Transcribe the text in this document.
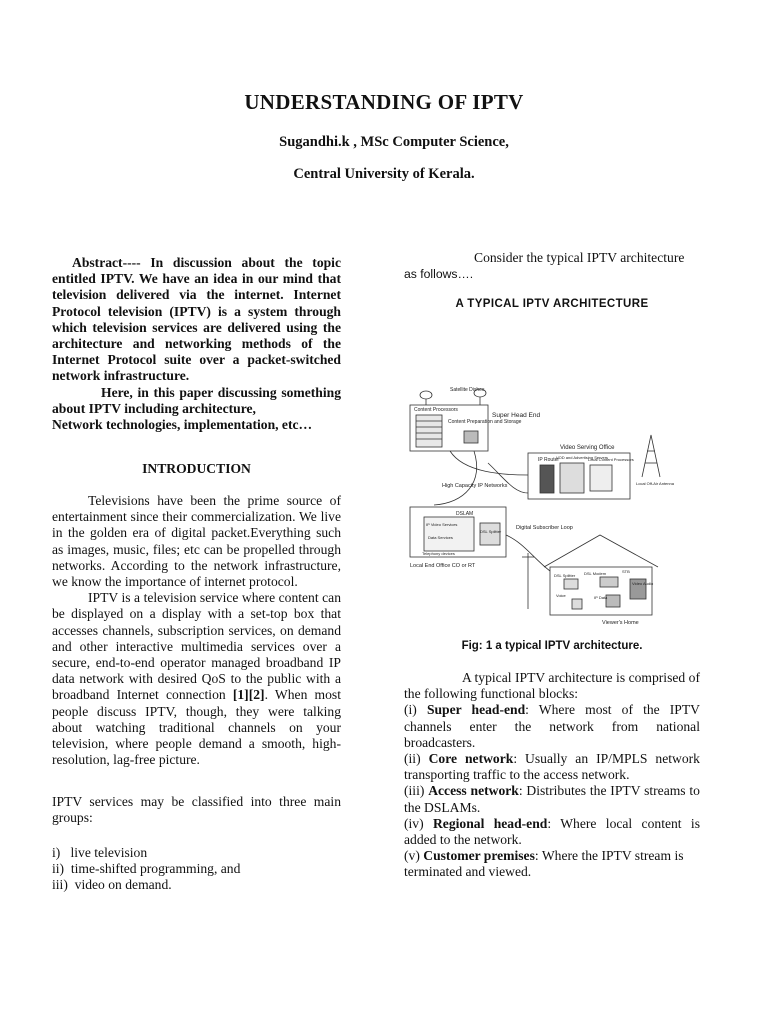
UNDERSTANDING OF IPTV
Sugandhi.k , MSc Computer Science,
Central University of Kerala.

Abstract---- In discussion about the topic entitled IPTV. We have an idea in our mind that television delivered via the internet. Internet Protocol television (IPTV) is a system through which television services are delivered using the architecture and networking methods of the Internet Protocol suite over a packet-switched network infrastructure.

Here, in this paper discussing something about IPTV including architecture,

Network technologies, implementation, etc…

INTRODUCTION

Televisions have been the prime source of entertainment since their commercialization. We live in the golden era of digital packet.Everything such as images, music, files; etc can be propelled through networks. According to the network infrastructure, we know the importance of internet protocol.

IPTV is a television service where content can be displayed on a display with a set-top box that accesses channels, subscription services, on demand and other interactive multimedia services over a secure, end-to-end operator managed broadband IP data network with desired QoS to the public with a broadband Internet connection [1][2]. When most people discuss IPTV, though, they were talking about watching traditional channels on your television, where people demand a smooth, high-resolution, lag-free picture.

IPTV services may be classified into three main groups:

i)   live television
ii)  time-shifted programming, and
iii)  video on demand.

Consider the typical IPTV architecture

as follows….

A TYPICAL IPTV ARCHITECTURE
Satellite Dishes
Content Processors
Content Preparation and Storage
Super Head End
Video Serving Office
IP Router
VOD and Advertising Servers
Local Content Processors
Local Off-Air Antenna
High Capacity IP Networks
DSLAM
IP Video Services
Data Services
Telephony devices
DSL Splitter
Digital Subscriber Loop
Local End Office CO or RT
DSL Splitter DSL Modem	STB
Video Audio
Voice	IP Data
Viewer's Home
Fig: 1 a typical IPTV architecture.

A typical IPTV architecture is comprised of the following functional blocks:

(i) Super head-end: Where most of the IPTV channels enter the network from national broadcasters.

(ii) Core network: Usually an IP/MPLS network transporting traffic to the access network.

(iii) Access network: Distributes the IPTV streams to the DSLAMs.

(iv) Regional head-end: Where local content is added to the network.

(v) Customer premises: Where the IPTV stream is terminated and viewed.
